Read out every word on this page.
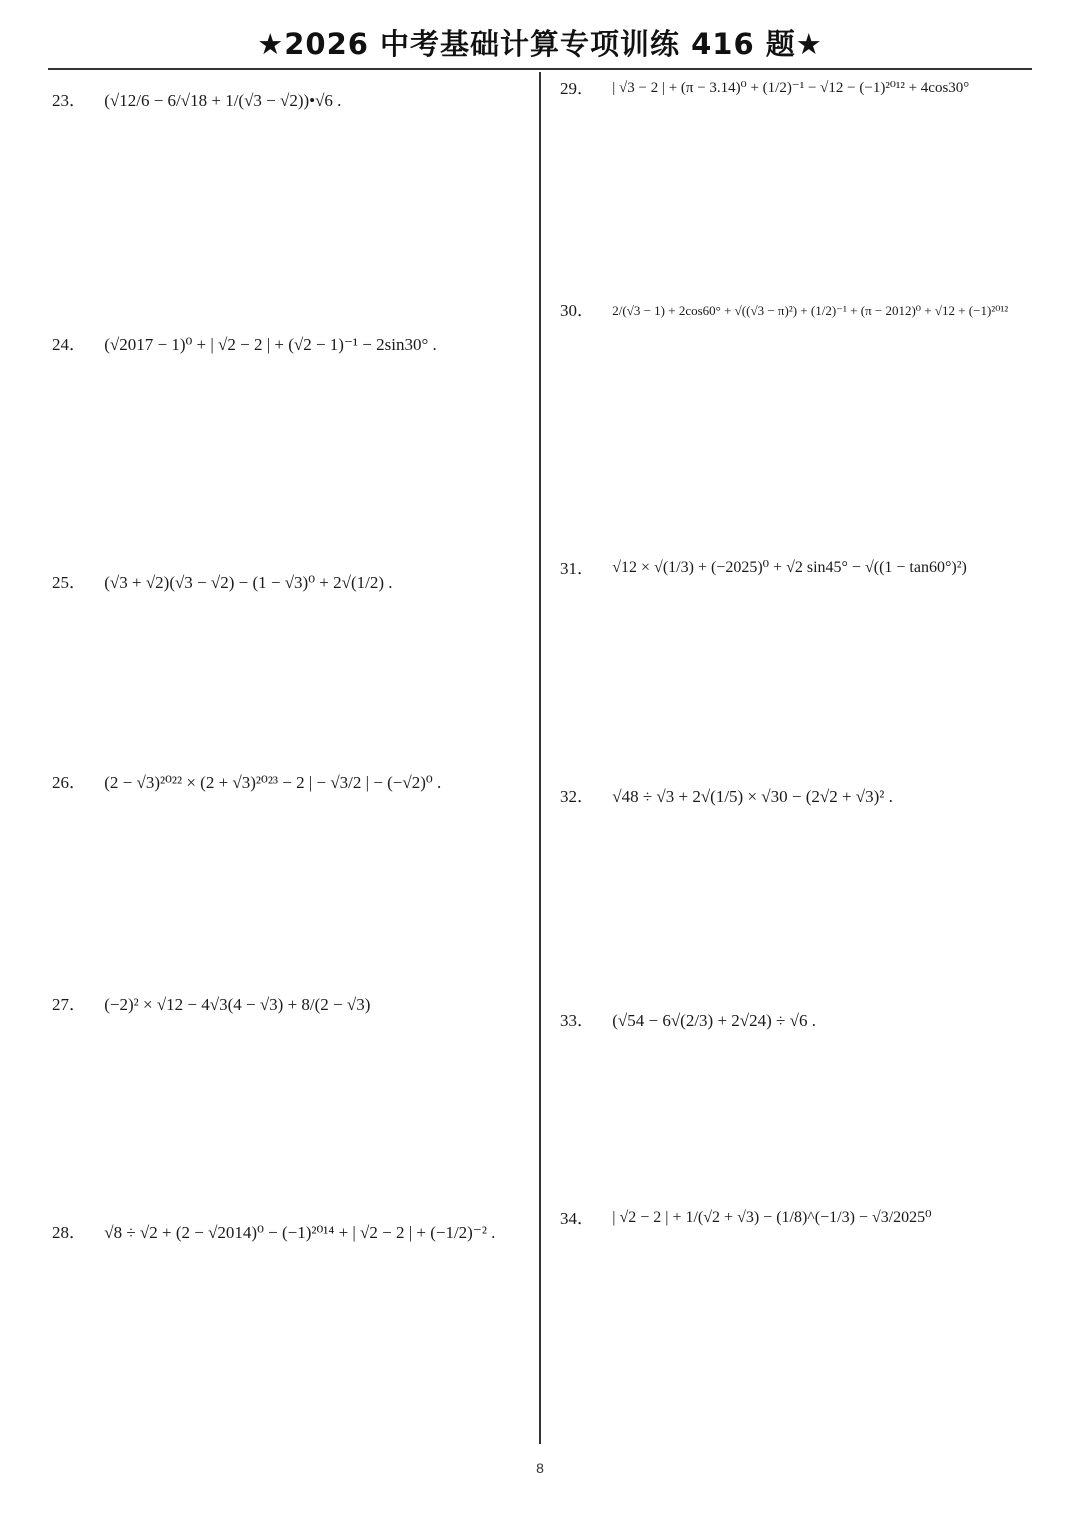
★2026 中考基础计算专项训练 416 题★
23． (√12/6 − 6/√18 + 1/(√3 − √2))•√6 .
24． (√2017 − 1)⁰ + | √2 − 2 | + (√2 − 1)⁻¹ − 2sin30° .
25． (√3 + √2)(√3 − √2) − (1 − √3)⁰ + 2√(1/2) .
26． (2 − √3)²⁰²² × (2 + √3)²⁰²³ − 2 | − √3/2 | − (−√2)⁰ .
27． (−2)² × √12 − 4√3(4 − √3) + 8/(2 − √3)
28． √8 ÷ √2 + (2 − √2014)⁰ − (−1)²⁰¹⁴ + | √2 − 2 | + (−1/2)⁻² .
29． | √3 − 2 | + (π − 3.14)⁰ + (1/2)⁻¹ − √12 − (−1)²⁰¹² + 4cos30°
30． 2/(√3 − 1) + 2cos60° + √((√3 − π)²) + (1/2)⁻¹ + (π − 2012)⁰ + √12 + (−1)²⁰¹²
31． √12 × √(1/3) + (−2025)⁰ + √2 sin45° − √((1 − tan60°)²)
32． √48 ÷ √3 + 2√(1/5) × √30 − (2√2 + √3)² .
33． (√54 − 6√(2/3) + 2√24) ÷ √6 .
34． | √2 − 2 | + 1/(√2 + √3) − (1/8)^(−1/3) − √3/2025⁰
8
